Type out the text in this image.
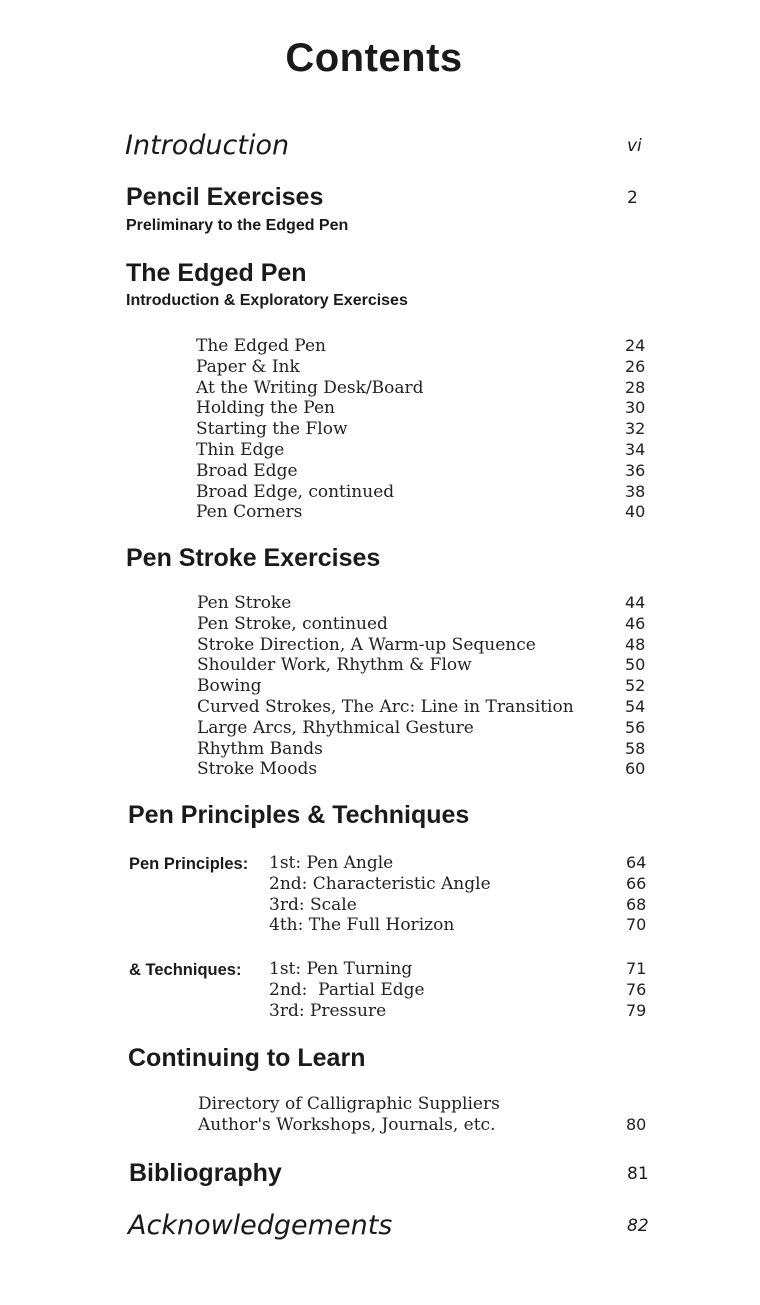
Contents
Introduction	vi
Pencil Exercises	2
Preliminary to the Edged Pen
The Edged Pen
Introduction & Exploratory Exercises
The Edged Pen	24
Paper & Ink	26
At the Writing Desk/Board	28
Holding the Pen	30
Starting the Flow	32
Thin Edge	34
Broad Edge	36
Broad Edge, continued	38
Pen Corners	40
Pen Stroke Exercises
Pen Stroke	44
Pen Stroke, continued	46
Stroke Direction, A Warm-up Sequence	48
Shoulder Work, Rhythm & Flow	50
Bowing	52
Curved Strokes, The Arc: Line in Transition	54
Large Arcs, Rhythmical Gesture	56
Rhythm Bands	58
Stroke Moods	60
Pen Principles & Techniques
Pen Principles: 1st: Pen Angle	64
2nd: Characteristic Angle	66
3rd: Scale	68
4th: The Full Horizon	70
& Techniques: 1st: Pen Turning	71
2nd:  Partial Edge	76
3rd: Pressure	79
Continuing to Learn
Directory of Calligraphic Suppliers
Author's Workshops, Journals, etc.	80
Bibliography	81
Acknowledgements	82
